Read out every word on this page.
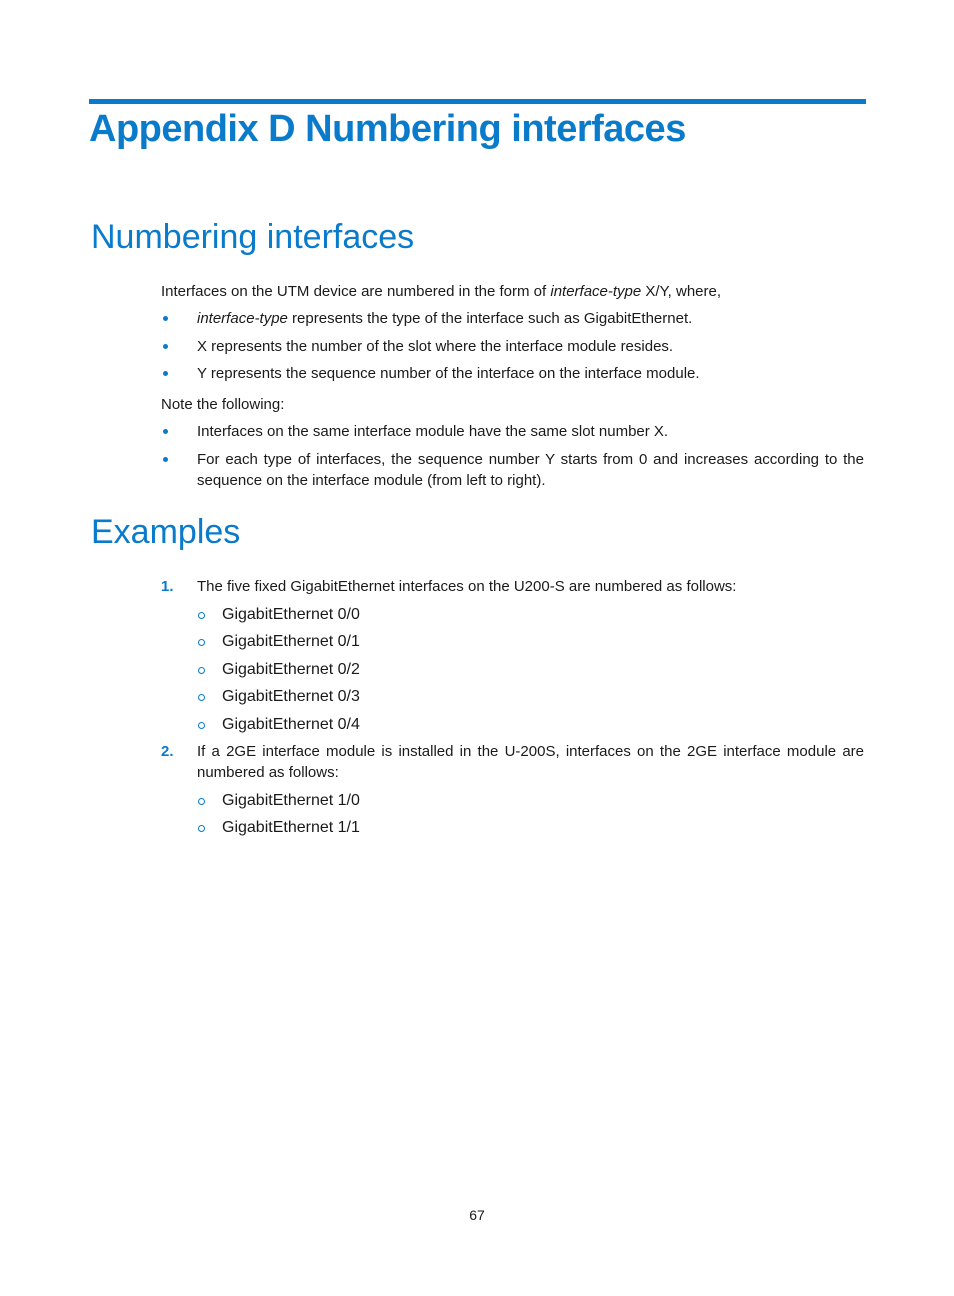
Appendix D Numbering interfaces
Numbering interfaces

Interfaces on the UTM device are numbered in the form of interface-type X/Y, where,

interface-type represents the type of the interface such as GigabitEthernet.
X represents the number of the slot where the interface module resides.
Y represents the sequence number of the interface on the interface module.

Note the following:

Interfaces on the same interface module have the same slot number X.
For each type of interfaces, the sequence number Y starts from 0 and increases according to the sequence on the interface module (from left to right).
Examples
1. The five fixed GigabitEthernet interfaces on the U200-S are numbered as follows:
GigabitEthernet 0/0
GigabitEthernet 0/1
GigabitEthernet 0/2
GigabitEthernet 0/3
GigabitEthernet 0/4
2. If a 2GE interface module is installed in the U-200S, interfaces on the 2GE interface module are numbered as follows:
GigabitEthernet 1/0
GigabitEthernet 1/1
67
